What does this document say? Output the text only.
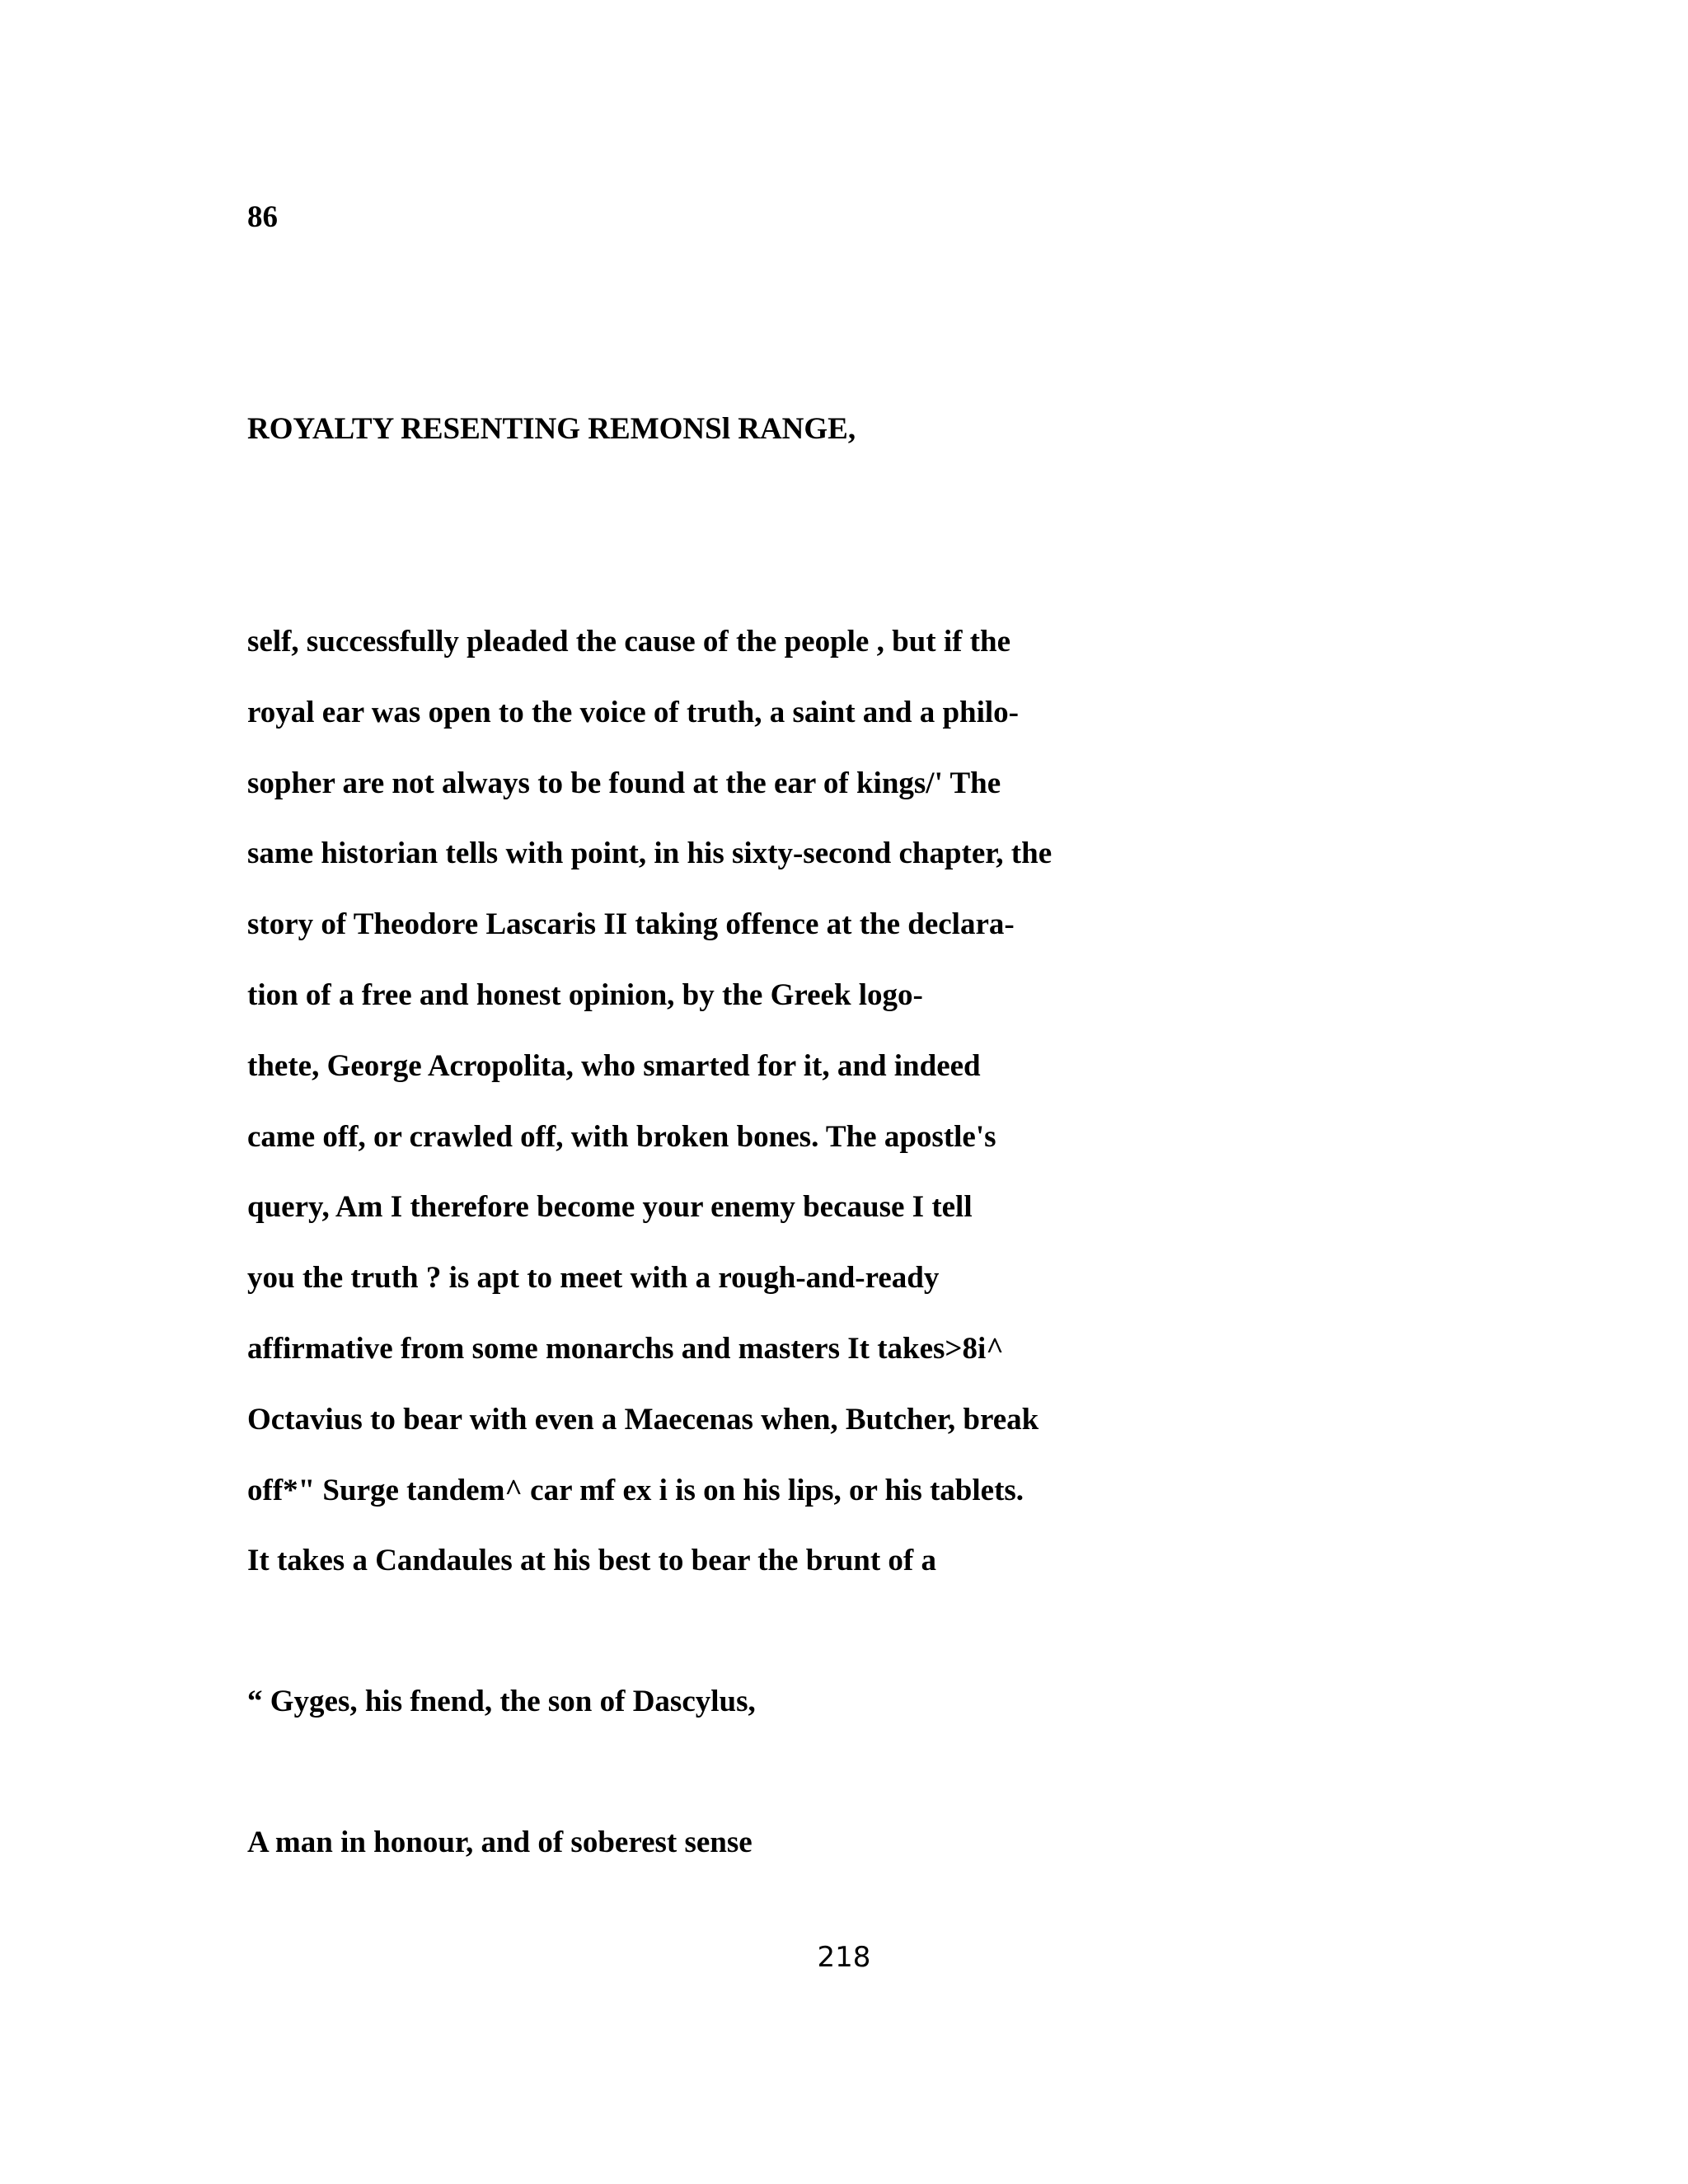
86
ROYALTY RESENTING REMONSl RANGE,
self, successfully pleaded the cause of the people , but if the
royal ear was open to the voice of truth, a saint and a philo-
sopher are not always to be found at the ear of kings/' The
same historian tells with point, in his sixty-second chapter, the
story of Theodore Lascaris II taking offence at the declara-
tion of a free and honest opinion, by the Greek logo-
thete, George Acropolita, who smarted for it, and indeed
came off, or crawled off, with broken bones. The apostle's
query, Am I therefore become your enemy because I tell
you the truth ? is apt to meet with a rough-and-ready
affirmative from some monarchs and masters It takes>8i^
Octavius to bear with even a Maecenas when, Butcher, break
off*" Surge tandem^ car mf ex i is on his lips, or his tablets.
It takes a Candaules at his best to bear the brunt of a
“ Gyges, his fnend, the son of Dascylus,
A man in honour, and of soberest sense
218
